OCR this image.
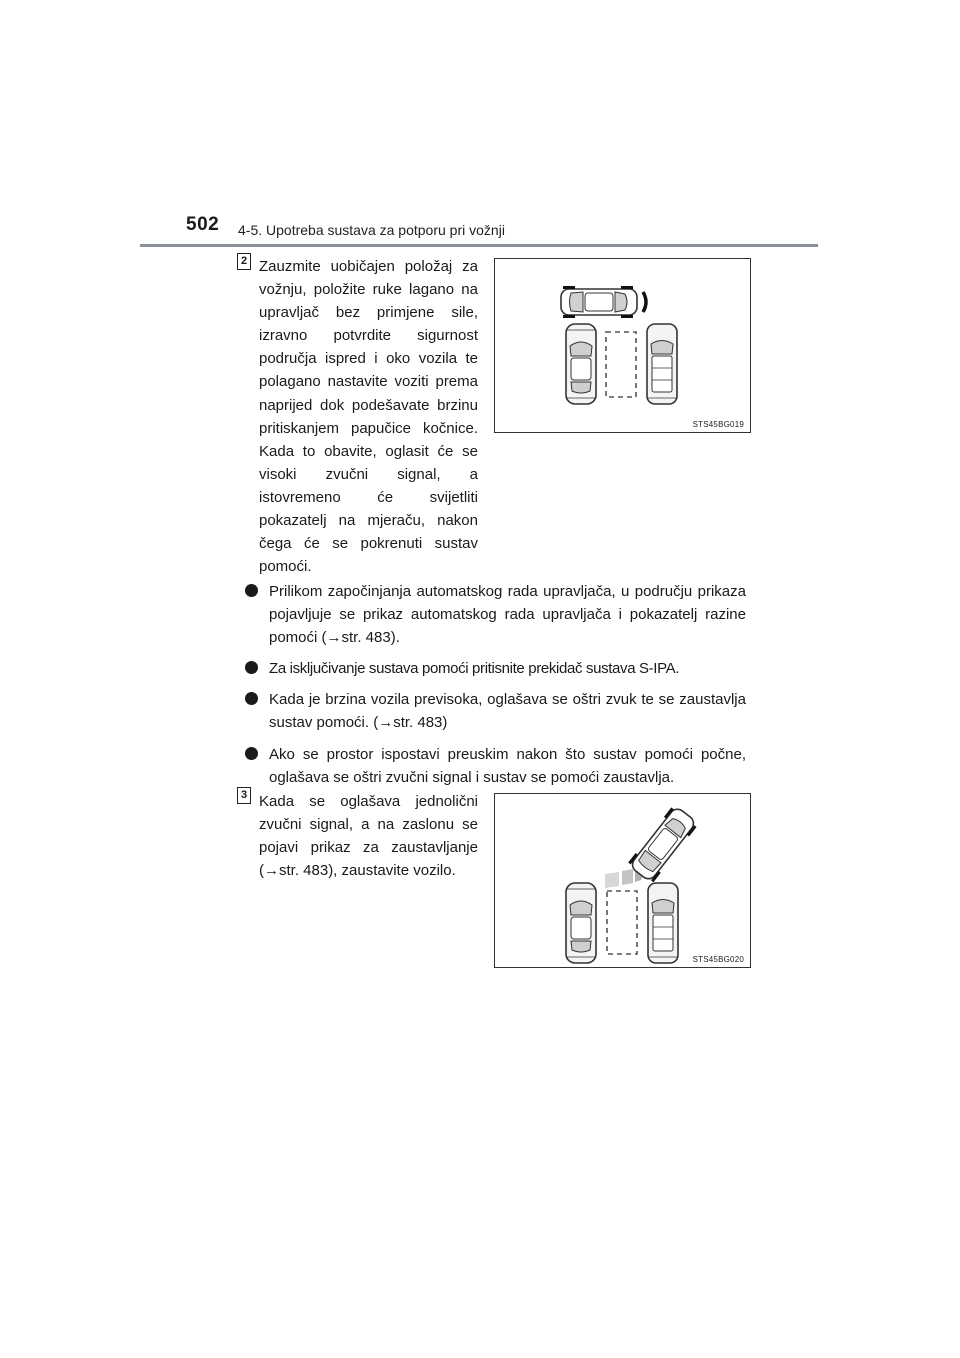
502 4-5. Upotreba sustava za potporu pri vožnji
2 Zauzmite uobičajen položaj za vožnju, položite ruke lagano na upravljač bez primjene sile, izravno potvrdite sigurnost područja ispred i oko vozila te polagano nastavite voziti prema naprijed dok podešavate brzinu pritiskanjem papučice kočnice. Kada to obavite, oglasit će se visoki zvučni signal, a istovremeno će svijetliti pokazatelj na mjeraču, nakon čega će se pokrenuti sustav pomoći.
STS45BG019
Prilikom započinjanja automatskog rada upravljača, u području prikaza pojavljuje se prikaz automatskog rada upravljača i pokazatelj razine pomoći (→str. 483).
Za isključivanje sustava pomoći pritisnite prekidač sustava S-IPA.
Kada je brzina vozila previsoka, oglašava se oštri zvuk te se zaustavlja sustav pomoći. (→str. 483)
Ako se prostor ispostavi preuskim nakon što sustav pomoći počne, oglašava se oštri zvučni signal i sustav se pomoći zaustavlja.
3 Kada se oglašava jednolični zvučni signal, a na zaslonu se pojavi prikaz za zaustavljanje (→str. 483), zaustavite vozilo.
STS45BG020
